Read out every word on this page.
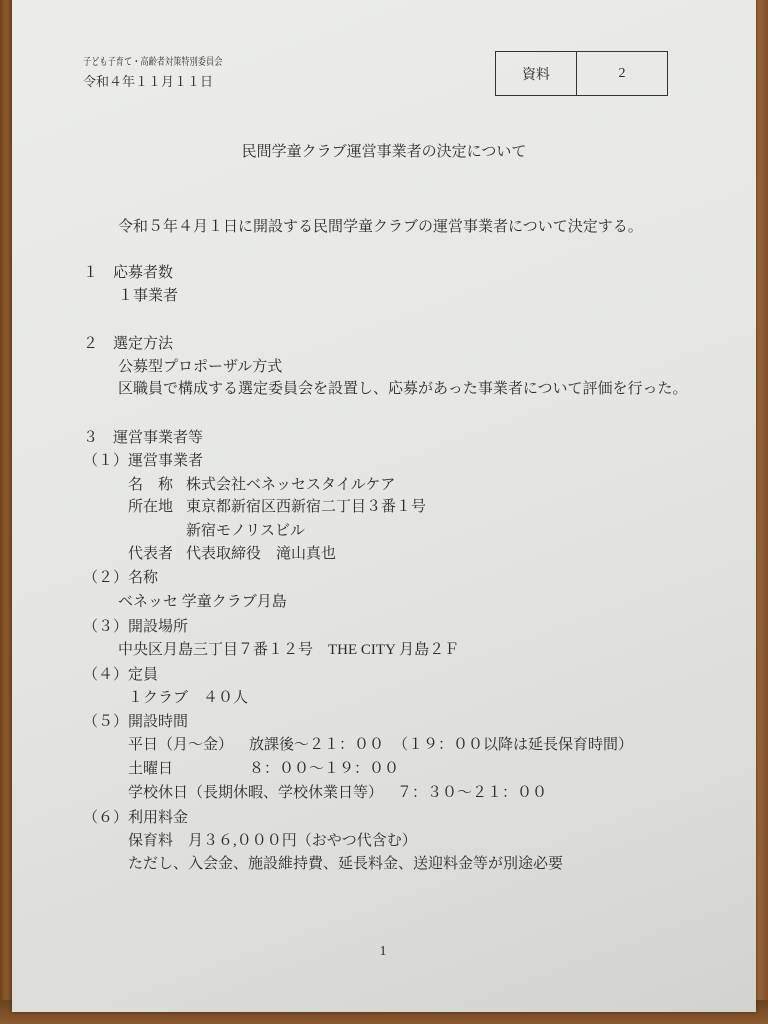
子ども子育て・高齢者対策特別委員会
令和４年１１月１１日	資料	2
民間学童クラブ運営事業者の決定について
令和５年４月１日に開設する民間学童クラブの運営事業者について決定する。
１　応募者数
１事業者
２　選定方法
公募型プロポーザル方式
区職員で構成する選定委員会を設置し、応募があった事業者について評価を行った。
３　運営事業者等
（１）運営事業者
名　称 株式会社ベネッセスタイルケア
所在地 東京都新宿区西新宿二丁目３番１号
新宿モノリスビル
代表者 代表取締役　滝山真也
（２）名称
ベネッセ 学童クラブ月島
（３）開設場所
中央区月島三丁目７番１２号　THE CITY 月島２Ｆ
（４）定員
１クラブ　４０人
（５）開設時間
平日（月～金） 放課後～２１：００ （１９：００以降は延長保育時間）
土曜日	８：００～１９：００
学校休日（長期休暇、学校休業日等） ７：３０～２１：００
（６）利用料金
保育料　月３６,０００円（おやつ代含む）
ただし、入会金、施設維持費、延長料金、送迎料金等が別途必要
1
